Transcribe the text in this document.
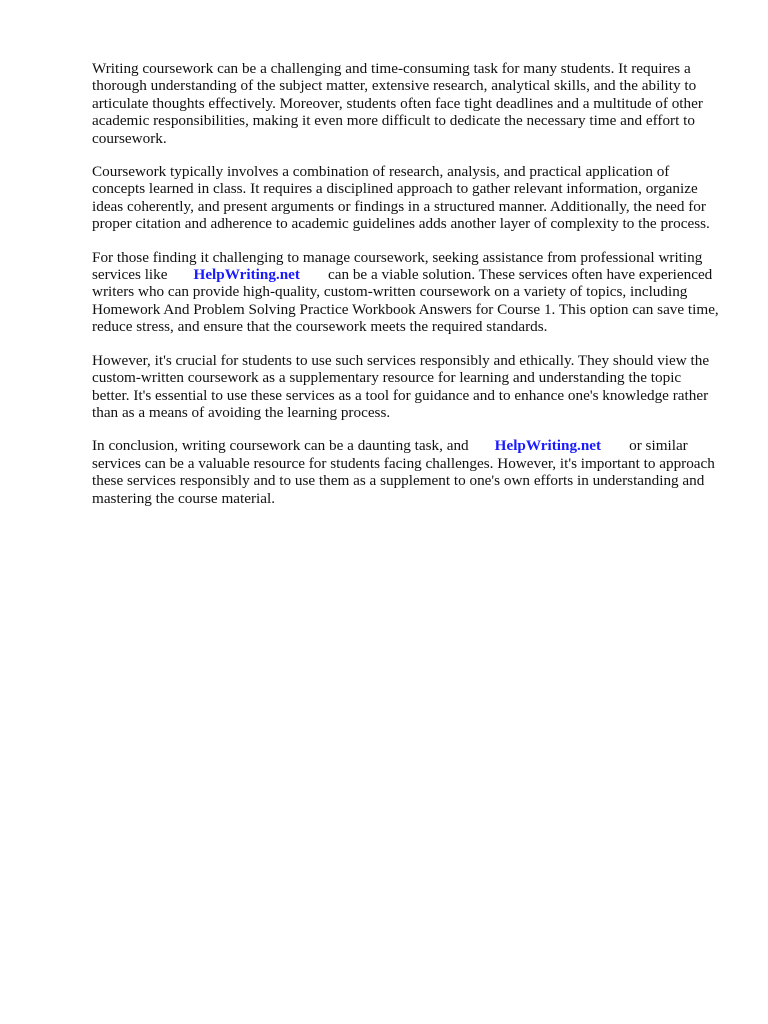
Writing coursework can be a challenging and time-consuming task for many students. It requires a thorough understanding of the subject matter, extensive research, analytical skills, and the ability to articulate thoughts effectively. Moreover, students often face tight deadlines and a multitude of other academic responsibilities, making it even more difficult to dedicate the necessary time and effort to coursework.

Coursework typically involves a combination of research, analysis, and practical application of concepts learned in class. It requires a disciplined approach to gather relevant information, organize ideas coherently, and present arguments or findings in a structured manner. Additionally, the need for proper citation and adherence to academic guidelines adds another layer of complexity to the process.

For those finding it challenging to manage coursework, seeking assistance from professional writing services like HelpWriting.net can be a viable solution. These services often have experienced writers who can provide high-quality, custom-written coursework on a variety of topics, including Homework And Problem Solving Practice Workbook Answers for Course 1. This option can save time, reduce stress, and ensure that the coursework meets the required standards.

However, it's crucial for students to use such services responsibly and ethically. They should view the custom-written coursework as a supplementary resource for learning and understanding the topic better. It's essential to use these services as a tool for guidance and to enhance one's knowledge rather than as a means of avoiding the learning process.

In conclusion, writing coursework can be a daunting task, and HelpWriting.net or similar services can be a valuable resource for students facing challenges. However, it's important to approach these services responsibly and to use them as a supplement to one's own efforts in understanding and mastering the course material.
